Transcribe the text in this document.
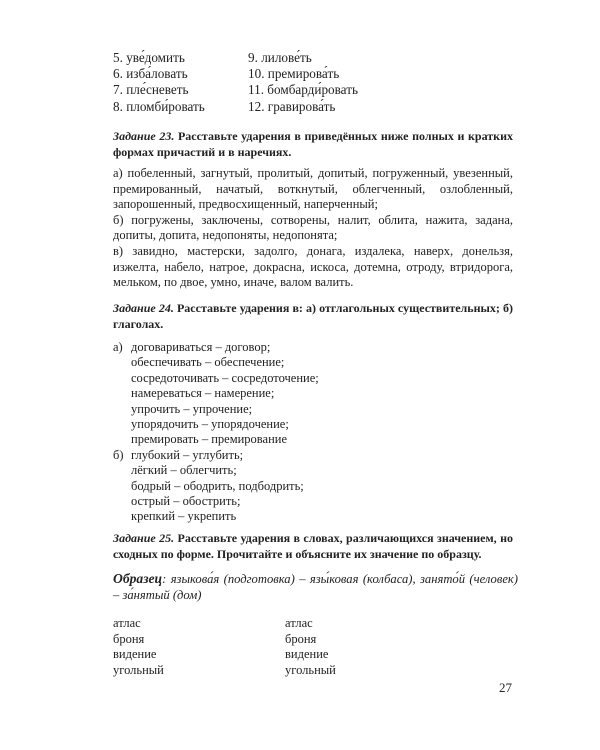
5. уве́домить	9. лилове́ть
6. изба́ловать	10. премирова́ть
7. пле́сневеть	11. бомбарди́ровать
8. пломби́ровать	12. гравирова́ть
Задание 23. Расставьте ударения в приведённых ниже полных и кратких формах причастий и в наречиях.

а) побеленный, загнутый, пролитый, допитый, погруженный, увезенный, премированный, начатый, воткнутый, облегченный, озлобленный, запорошенный, предвосхищенный, наперченный;

б) погружены, заключены, сотворены, налит, облита, нажита, задана, допиты, допита, недопоняты, недопонята;

в) завидно, мастерски, задолго, донага, издалека, наверх, донельзя, изжелта, набело, натрое, докрасна, искоса, дотемна, отроду, втридорога, мельком, по двое, умно, иначе, валом валить.

Задание 24. Расставьте ударения в: а) отглагольных существительных; б) глаголах.
а) договариваться – договор;
обеспечивать – обеспечение;
сосредоточивать – сосредоточение;
намереваться – намерение;
упрочить – упрочение;
упорядочить – упорядочение;
премировать – премирование
б) глубокий – углубить;
лёгкий – облегчить;
бодрый – ободрить, подбодрить;
острый – обострить;
крепкий – укрепить
Задание 25. Расставьте ударения в словах, различающихся значением, но сходных по форме. Прочитайте и объясните их значение по образцу.
Образец: языкова́я (подготовка) – язы́ковая (колбаса), занято́й (человек) – за́нятый (дом)
атлас	атлас
броня	броня
видение	видение
угольный	угольный
27
